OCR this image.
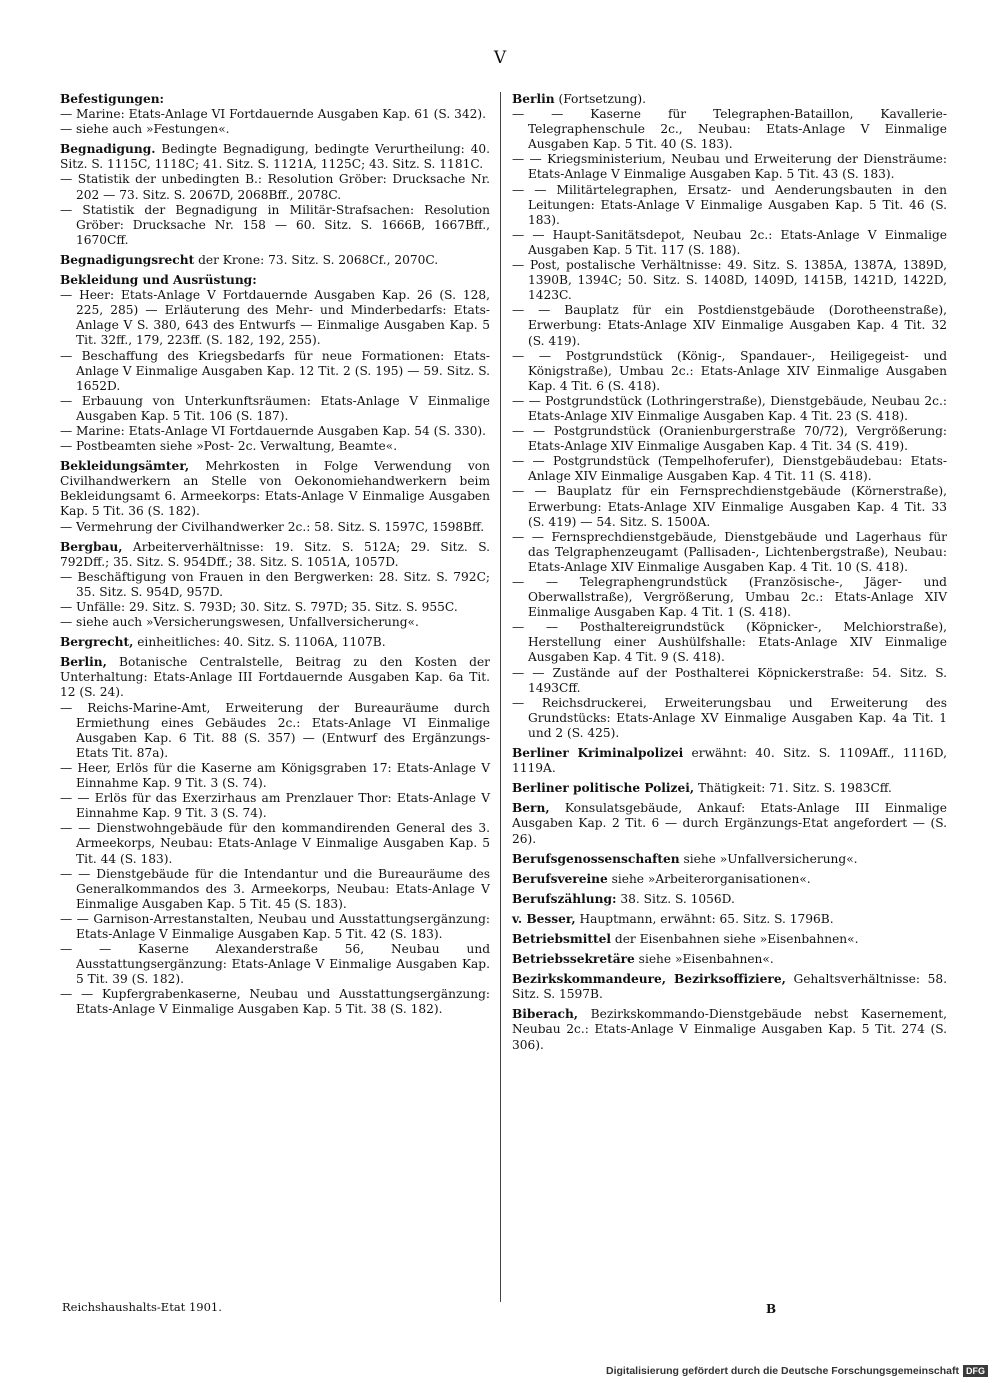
V
Befestigungen:
— Marine: Etats-Anlage VI Fortdauernde Ausgaben Kap. 61 (S. 342).
— siehe auch »Festungen«.
Begnadigung. Bedingte Begnadigung, bedingte Verurtheilung: 40. Sitz. S. 1115C, 1118C; 41. Sitz. S. 1121A, 1125C; 43. Sitz. S. 1181C.
— Statistik der unbedingten B.: Resolution Gröber: Drucksache Nr. 202 — 73. Sitz. S. 2067D, 2068Bff., 2078C.
— Statistik der Begnadigung in Militär-Strafsachen: Resolution Gröber: Drucksache Nr. 158 — 60. Sitz. S. 1666B, 1667Bff., 1670Cff.
Begnadigungsrecht der Krone: 73. Sitz. S. 2068Cf., 2070C.
Bekleidung und Ausrüstung:
— Heer: Etats-Anlage V Fortdauernde Ausgaben Kap. 26 (S. 128, 225, 285) — Erläuterung des Mehr- und Minderbedarfs: Etats-Anlage V S. 380, 643 des Entwurfs — Einmalige Ausgaben Kap. 5 Tit. 32ff., 179, 223ff. (S. 182, 192, 255).
— Beschaffung des Kriegsbedarfs für neue Formationen: Etats-Anlage V Einmalige Ausgaben Kap. 12 Tit. 2 (S. 195) — 59. Sitz. S. 1652D.
— Erbauung von Unterkunftsräumen: Etats-Anlage V Einmalige Ausgaben Kap. 5 Tit. 106 (S. 187).
— Marine: Etats-Anlage VI Fortdauernde Ausgaben Kap. 54 (S. 330).
— Postbeamten siehe »Post- 2c. Verwaltung, Beamte«.
Bekleidungsämter, Mehrkosten in Folge Verwendung von Civilhandwerkern an Stelle von Oekonomiehandwerkern beim Bekleidungsamt 6. Armeekorps: Etats-Anlage V Einmalige Ausgaben Kap. 5 Tit. 36 (S. 182).
— Vermehrung der Civilhandwerker 2c.: 58. Sitz. S. 1597C, 1598Bff.
Bergbau, Arbeiterverhältnisse: 19. Sitz. S. 512A; 29. Sitz. S. 792Dff.; 35. Sitz. S. 954Dff.; 38. Sitz. S. 1051A, 1057D.
— Beschäftigung von Frauen in den Bergwerken: 28. Sitz. S. 792C; 35. Sitz. S. 954D, 957D.
— Unfälle: 29. Sitz. S. 793D; 30. Sitz. S. 797D; 35. Sitz. S. 955C.
— siehe auch »Versicherungswesen, Unfallversicherung«.
Bergrecht, einheitliches: 40. Sitz. S. 1106A, 1107B.
Berlin, Botanische Centralstelle, Beitrag zu den Kosten der Unterhaltung: Etats-Anlage III Fortdauernde Ausgaben Kap. 6a Tit. 12 (S. 24).
— Reichs-Marine-Amt, Erweiterung der Bureauräume durch Ermiethung eines Gebäudes 2c.: Etats-Anlage VI Einmalige Ausgaben Kap. 6 Tit. 88 (S. 357) — (Entwurf des Ergänzungs-Etats Tit. 87a).
— Heer, Erlös für die Kaserne am Königsgraben 17: Etats-Anlage V Einnahme Kap. 9 Tit. 3 (S. 74).
— — Erlös für das Exerzirhaus am Prenzlauer Thor: Etats-Anlage V Einnahme Kap. 9 Tit. 3 (S. 74).
— — Dienstwohngebäude für den kommandirenden General des 3. Armeekorps, Neubau: Etats-Anlage V Einmalige Ausgaben Kap. 5 Tit. 44 (S. 183).
— — Dienstgebäude für die Intendantur und die Bureauräume des Generalkommandos des 3. Armeekorps, Neubau: Etats-Anlage V Einmalige Ausgaben Kap. 5 Tit. 45 (S. 183).
— — Garnison-Arrestanstalten, Neubau und Ausstattungsergänzung: Etats-Anlage V Einmalige Ausgaben Kap. 5 Tit. 42 (S. 183).
— — Kaserne Alexanderstraße 56, Neubau und Ausstattungsergänzung: Etats-Anlage V Einmalige Ausgaben Kap. 5 Tit. 39 (S. 182).
— — Kupfergrabenkaserne, Neubau und Ausstattungsergänzung: Etats-Anlage V Einmalige Ausgaben Kap. 5 Tit. 38 (S. 182).
Berlin (Fortsetzung).
— — Kaserne für Telegraphen-Bataillon, Kavallerie-Telegraphenschule 2c., Neubau: Etats-Anlage V Einmalige Ausgaben Kap. 5 Tit. 40 (S. 183).
— — Kriegsministerium, Neubau und Erweiterung der Diensträume: Etats-Anlage V Einmalige Ausgaben Kap. 5 Tit. 43 (S. 183).
— — Militärtelegraphen, Ersatz- und Aenderungsbauten in den Leitungen: Etats-Anlage V Einmalige Ausgaben Kap. 5 Tit. 46 (S. 183).
— — Haupt-Sanitätsdepot, Neubau 2c.: Etats-Anlage V Einmalige Ausgaben Kap. 5 Tit. 117 (S. 188).
— Post, postalische Verhältnisse: 49. Sitz. S. 1385A, 1387A, 1389D, 1390B, 1394C; 50. Sitz. S. 1408D, 1409D, 1415B, 1421D, 1422D, 1423C.
— — Bauplatz für ein Postdienstgebäude (Dorotheenstraße), Erwerbung: Etats-Anlage XIV Einmalige Ausgaben Kap. 4 Tit. 32 (S. 419).
— — Postgrundstück (König-, Spandauer-, Heiligegeist- und Königstraße), Umbau 2c.: Etats-Anlage XIV Einmalige Ausgaben Kap. 4 Tit. 6 (S. 418).
— — Postgrundstück (Lothringerstraße), Dienstgebäude, Neubau 2c.: Etats-Anlage XIV Einmalige Ausgaben Kap. 4 Tit. 23 (S. 418).
— — Postgrundstück (Oranienburgerstraße 70/72), Vergrößerung: Etats-Anlage XIV Einmalige Ausgaben Kap. 4 Tit. 34 (S. 419).
— — Postgrundstück (Tempelhoferufer), Dienstgebäudebau: Etats-Anlage XIV Einmalige Ausgaben Kap. 4 Tit. 11 (S. 418).
— — Bauplatz für ein Fernsprechdienstgebäude (Körnerstraße), Erwerbung: Etats-Anlage XIV Einmalige Ausgaben Kap. 4 Tit. 33 (S. 419) — 54. Sitz. S. 1500A.
— — Fernsprechdienstgebäude, Dienstgebäude und Lagerhaus für das Telgraphenzeugamt (Pallisaden-, Lichtenbergstraße), Neubau: Etats-Anlage XIV Einmalige Ausgaben Kap. 4 Tit. 10 (S. 418).
— — Telegraphengrundstück (Französische-, Jäger- und Oberwallstraße), Vergrößerung, Umbau 2c.: Etats-Anlage XIV Einmalige Ausgaben Kap. 4 Tit. 1 (S. 418).
— — Posthaltereigrundstück (Köpnicker-, Melchiorstraße), Herstellung einer Aushülfshalle: Etats-Anlage XIV Einmalige Ausgaben Kap. 4 Tit. 9 (S. 418).
— — Zustände auf der Posthalterei Köpnickerstraße: 54. Sitz. S. 1493Cff.
— Reichsdruckerei, Erweiterungsbau und Erweiterung des Grundstücks: Etats-Anlage XV Einmalige Ausgaben Kap. 4a Tit. 1 und 2 (S. 425).
Berliner Kriminalpolizei erwähnt: 40. Sitz. S. 1109Aff., 1116D, 1119A.
Berliner politische Polizei, Thätigkeit: 71. Sitz. S. 1983Cff.
Bern, Konsulatsgebäude, Ankauf: Etats-Anlage III Einmalige Ausgaben Kap. 2 Tit. 6 — durch Ergänzungs-Etat angefordert — (S. 26).
Berufsgenossenschaften siehe »Unfallversicherung«.
Berufsvereine siehe »Arbeiterorganisationen«.
Berufszählung: 38. Sitz. S. 1056D.
v. Besser, Hauptmann, erwähnt: 65. Sitz. S. 1796B.
Betriebsmittel der Eisenbahnen siehe »Eisenbahnen«.
Betriebssekretäre siehe »Eisenbahnen«.
Bezirkskommandeure, Bezirksoffiziere, Gehaltsverhältnisse: 58. Sitz. S. 1597B.
Biberach, Bezirkskommando-Dienstgebäude nebst Kasernement, Neubau 2c.: Etats-Anlage V Einmalige Ausgaben Kap. 5 Tit. 274 (S. 306).
Reichshaushalts-Etat 1901.	B
Digitalisierung gefördert durch die Deutsche Forschungsgemeinschaft DFG
